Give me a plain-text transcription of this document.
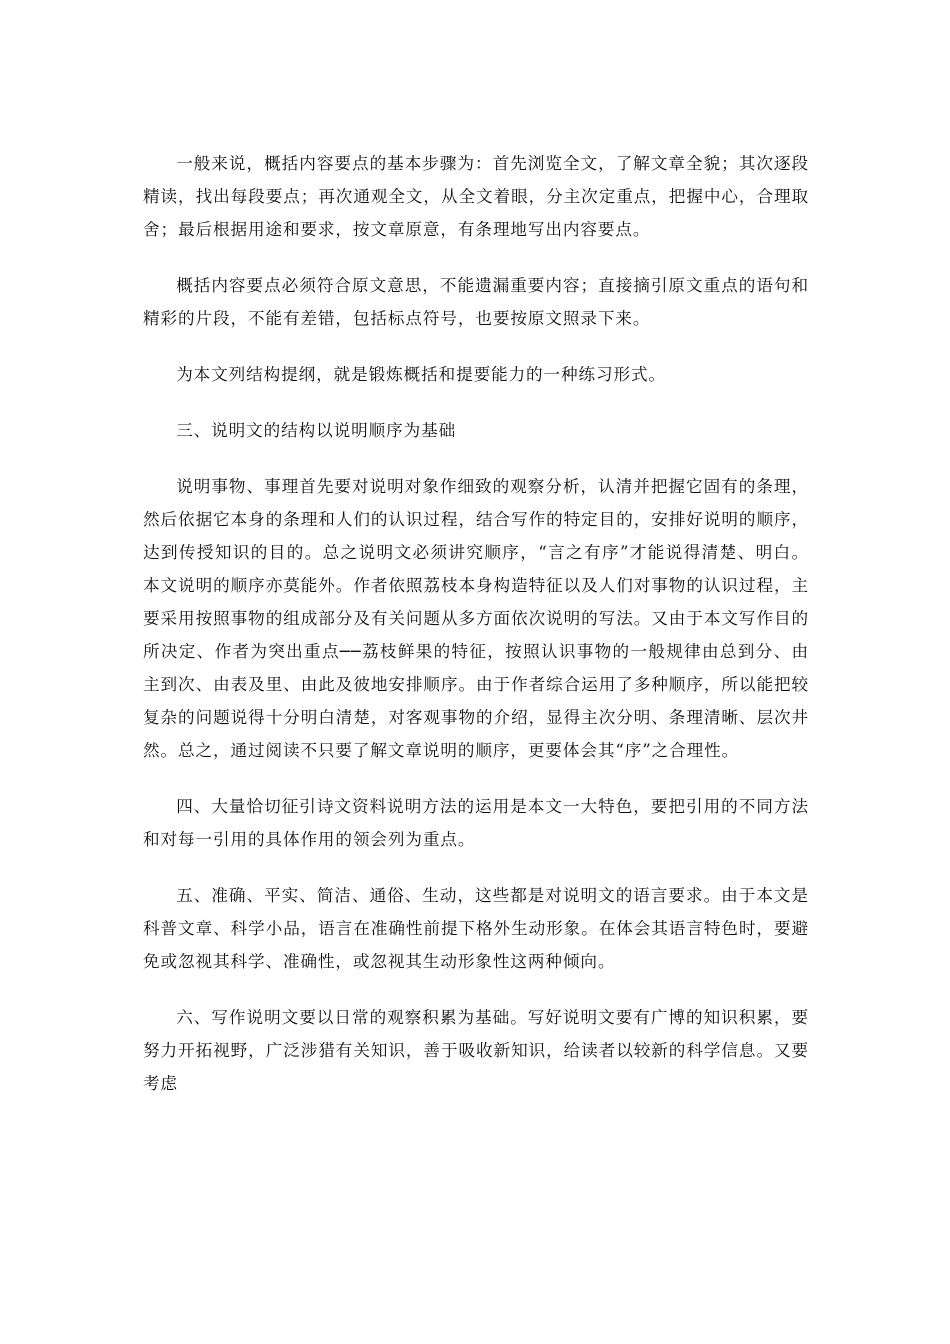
一般来说，概括内容要点的基本步骤为：首先浏览全文，了解文章全貌；其次逐段精读，找出每段要点；再次通观全文，从全文着眼，分主次定重点，把握中心，合理取舍；最后根据用途和要求，按文章原意，有条理地写出内容要点。

概括内容要点必须符合原文意思，不能遗漏重要内容；直接摘引原文重点的语句和精彩的片段，不能有差错，包括标点符号，也要按原文照录下来。

为本文列结构提纲，就是锻炼概括和提要能力的一种练习形式。

三、说明文的结构以说明顺序为基础

说明事物、事理首先要对说明对象作细致的观察分析，认清并把握它固有的条理，然后依据它本身的条理和人们的认识过程，结合写作的特定目的，安排好说明的顺序，达到传授知识的目的。总之说明文必须讲究顺序，“言之有序”才能说得清楚、明白。本文说明的顺序亦莫能外。作者依照荔枝本身构造特征以及人们对事物的认识过程，主要采用按照事物的组成部分及有关问题从多方面依次说明的写法。又由于本文写作目的所决定、作者为突出重点──荔枝鲜果的特征，按照认识事物的一般规律由总到分、由主到次、由表及里、由此及彼地安排顺序。由于作者综合运用了多种顺序，所以能把较复杂的问题说得十分明白清楚，对客观事物的介绍，显得主次分明、条理清晰、层次井然。总之，通过阅读不只要了解文章说明的顺序，更要体会其“序”之合理性。

四、大量恰切征引诗文资料说明方法的运用是本文一大特色，要把引用的不同方法和对每一引用的具体作用的领会列为重点。

五、准确、平实、简洁、通俗、生动，这些都是对说明文的语言要求。由于本文是科普文章、科学小品，语言在准确性前提下格外生动形象。在体会其语言特色时，要避免或忽视其科学、准确性，或忽视其生动形象性这两种倾向。

六、写作说明文要以日常的观察积累为基础。写好说明文要有广博的知识积累，要努力开拓视野，广泛涉猎有关知识，善于吸收新知识，给读者以较新的科学信息。又要考虑
